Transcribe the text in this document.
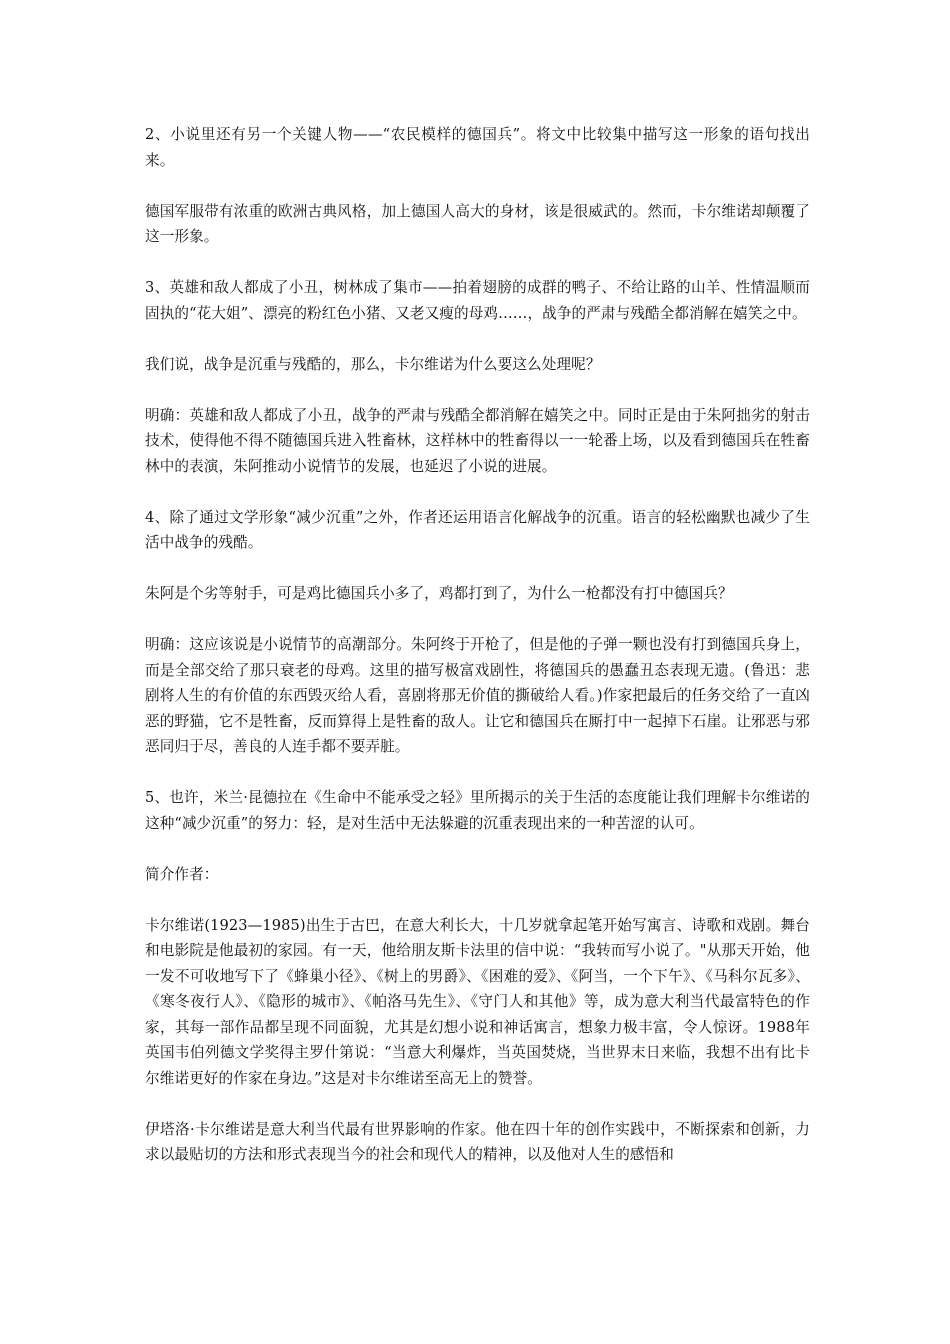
2、小说里还有另一个关键人物——“农民模样的德国兵”。将文中比较集中描写这一形象的语句找出来。

德国军服带有浓重的欧洲古典风格，加上德国人高大的身材，该是很威武的。然而，卡尔维诺却颠覆了这一形象。

3、英雄和敌人都成了小丑，树林成了集市——拍着翅膀的成群的鸭子、不给让路的山羊、性情温顺而固执的“花大姐”、漂亮的粉红色小猪、又老又瘦的母鸡……，战争的严肃与残酷全都消解在嬉笑之中。

我们说，战争是沉重与残酷的，那么，卡尔维诺为什么要这么处理呢？

明确：英雄和敌人都成了小丑，战争的严肃与残酷全都消解在嬉笑之中。同时正是由于朱阿拙劣的射击技术，使得他不得不随德国兵进入牲畜林，这样林中的牲畜得以一一轮番上场，以及看到德国兵在牲畜林中的表演，朱阿推动小说情节的发展，也延迟了小说的进展。

4、除了通过文学形象“减少沉重”之外，作者还运用语言化解战争的沉重。语言的轻松幽默也减少了生活中战争的残酷。

朱阿是个劣等射手，可是鸡比德国兵小多了，鸡都打到了，为什么一枪都没有打中德国兵？

明确：这应该说是小说情节的高潮部分。朱阿终于开枪了，但是他的子弹一颗也没有打到德国兵身上，而是全部交给了那只衰老的母鸡。这里的描写极富戏剧性，将德国兵的愚蠢丑态表现无遗。(鲁迅：悲剧将人生的有价值的东西毁灭给人看，喜剧将那无价值的撕破给人看。)作家把最后的任务交给了一直凶恶的野猫，它不是牲畜，反而算得上是牲畜的敌人。让它和德国兵在厮打中一起掉下石崖。让邪恶与邪恶同归于尽，善良的人连手都不要弄脏。

5、也许，米兰·昆德拉在《生命中不能承受之轻》里所揭示的关于生活的态度能让我们理解卡尔维诺的这种“减少沉重”的努力：轻，是对生活中无法躲避的沉重表现出来的一种苦涩的认可。

简介作者：

卡尔维诺(1923—1985)出生于古巴，在意大利长大，十几岁就拿起笔开始写寓言、诗歌和戏剧。舞台和电影院是他最初的家园。有一天，他给朋友斯卡法里的信中说：“我转而写小说了。"从那天开始，他一发不可收地写下了《蜂巢小径》、《树上的男爵》、《困难的爱》、《阿当，一个下午》、《马科尔瓦多》、《寒冬夜行人》、《隐形的城市》、《帕洛马先生》、《守门人和其他》等，成为意大利当代最富特色的作家，其每一部作品都呈现不同面貌，尤其是幻想小说和神话寓言，想象力极丰富，令人惊讶。1988年英国韦伯列德文学奖得主罗什第说：“当意大利爆炸，当英国焚烧，当世界末日来临，我想不出有比卡尔维诺更好的作家在身边。”这是对卡尔维诺至高无上的赞誉。

伊塔洛·卡尔维诺是意大利当代最有世界影响的作家。他在四十年的创作实践中，不断探索和创新，力求以最贴切的方法和形式表现当今的社会和现代人的精神，以及他对人生的感悟和
